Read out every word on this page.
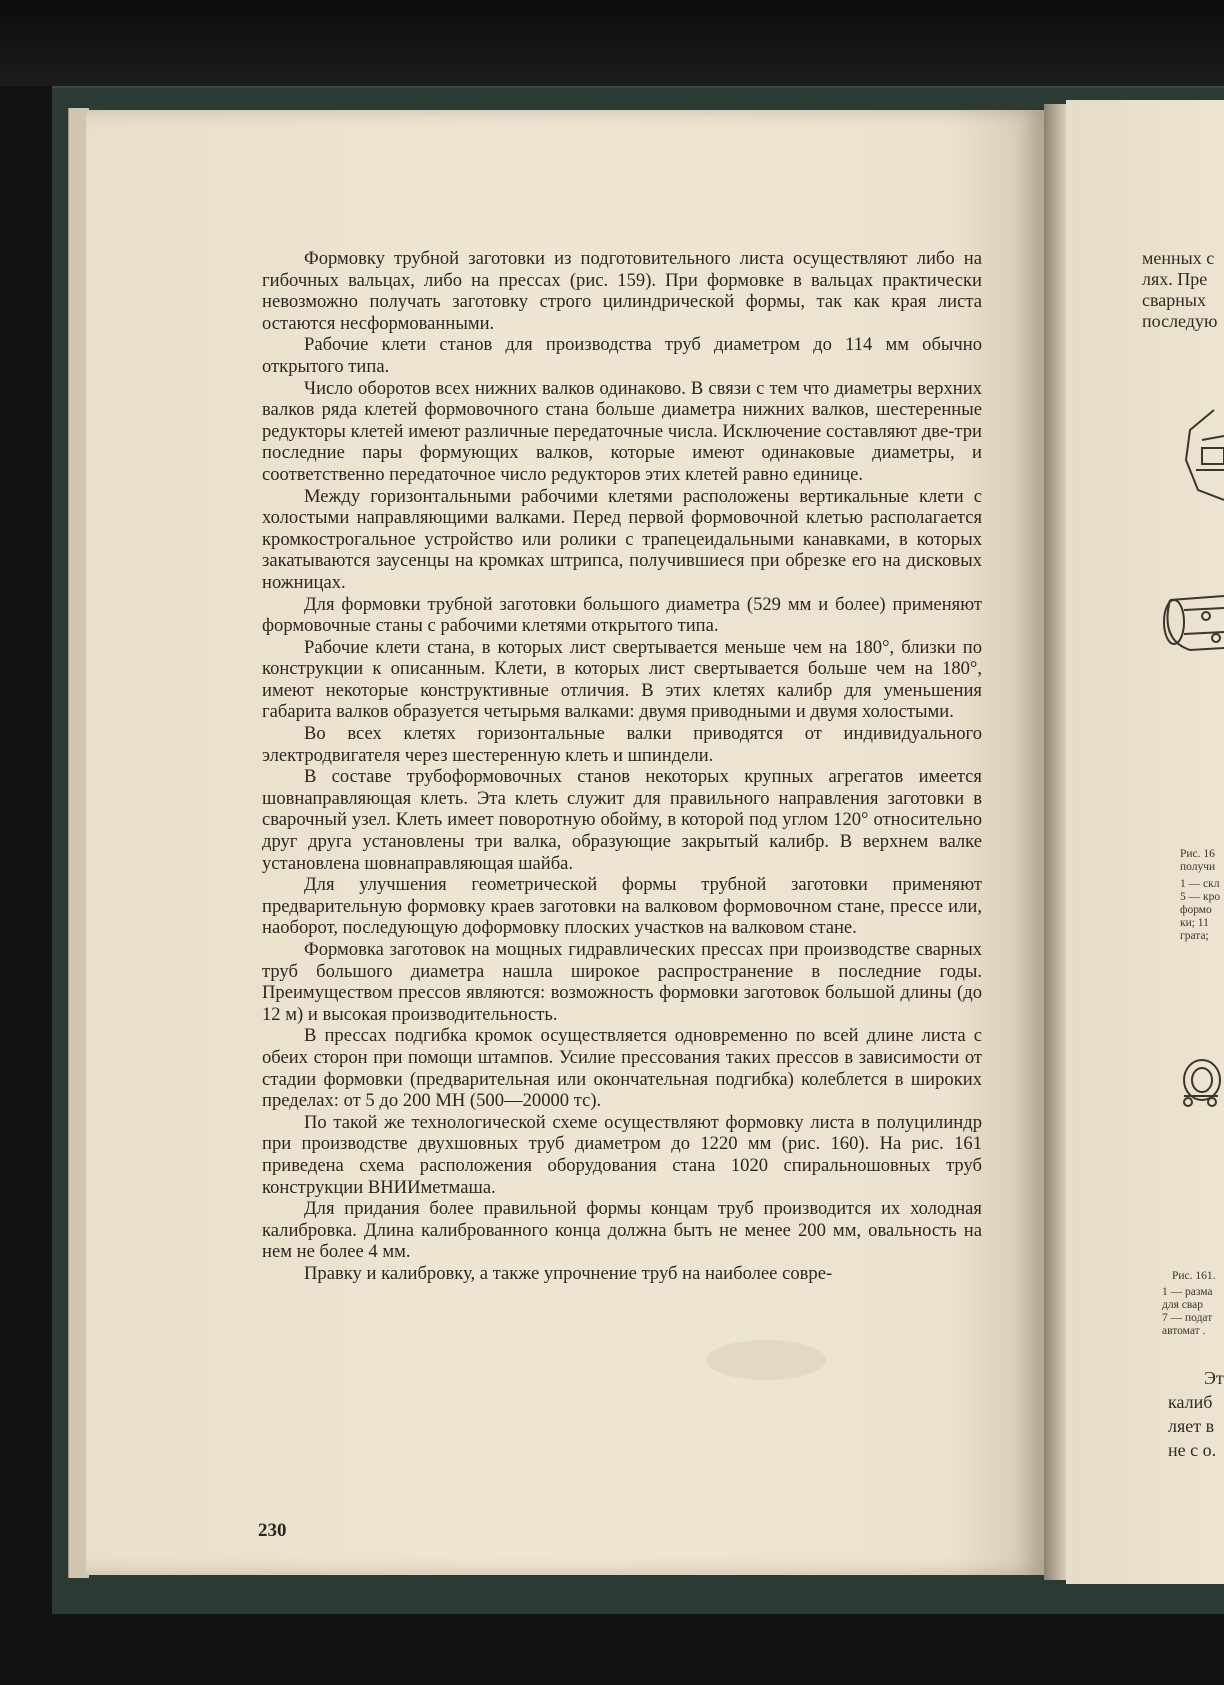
Формовку трубной заготовки из подготовительного листа осуществляют либо на гибочных вальцах, либо на прессах (рис. 159). При формовке в вальцах практически невозможно получать заготовку строго цилиндрической формы, так как края листа остаются несформованными.

Рабочие клети станов для производства труб диаметром до 114 мм обычно открытого типа.

Число оборотов всех нижних валков одинаково. В связи с тем что диаметры верхних валков ряда клетей формовочного стана больше диаметра нижних валков, шестеренные редукторы клетей имеют различные передаточные числа. Исключение составляют две-три последние пары формующих валков, которые имеют одинаковые диаметры, и соответственно передаточное число редукторов этих клетей равно единице.

Между горизонтальными рабочими клетями расположены вертикальные клети с холостыми направляющими валками. Перед первой формовочной клетью располагается кромкострогальное устройство или ролики с трапецеидальными канавками, в которых закатываются заусенцы на кромках штрипса, получившиеся при обрезке его на дисковых ножницах.

Для формовки трубной заготовки большого диаметра (529 мм и более) применяют формовочные станы с рабочими клетями открытого типа.

Рабочие клети стана, в которых лист свертывается меньше чем на 180°, близки по конструкции к описанным. Клети, в которых лист свертывается больше чем на 180°, имеют некоторые конструктивные отличия. В этих клетях калибр для уменьшения габарита валков образуется четырьмя валками: двумя приводными и двумя холостыми.

Во всех клетях горизонтальные валки приводятся от индивидуального электродвигателя через шестеренную клеть и шпиндели.

В составе трубоформовочных станов некоторых крупных агрегатов имеется шовнаправляющая клеть. Эта клеть служит для правильного направления заготовки в сварочный узел. Клеть имеет поворотную обойму, в которой под углом 120° относительно друг друга установлены три валка, образующие закрытый калибр. В верхнем валке установлена шовнаправляющая шайба.

Для улучшения геометрической формы трубной заготовки применяют предварительную формовку краев заготовки на валковом формовочном стане, прессе или, наоборот, последующую доформовку плоских участков на валковом стане.

Формовка заготовок на мощных гидравлических прессах при производстве сварных труб большого диаметра нашла широкое распространение в последние годы. Преимуществом прессов являются: возможность формовки заготовок большой длины (до 12 м) и высокая производительность.

В прессах подгибка кромок осуществляется одновременно по всей длине листа с обеих сторон при помощи штампов. Усилие прессования таких прессов в зависимости от стадии формовки (предварительная или окончательная подгибка) колеблется в широких пределах: от 5 до 200 МН (500—20000 тс).

По такой же технологической схеме осуществляют формовку листа в полуцилиндр при производстве двухшовных труб диаметром до 1220 мм (рис. 160). На рис. 161 приведена схема расположения оборудования стана 1020 спиральношовных труб конструкции ВНИИметмаша.

Для придания более правильной формы концам труб производится их холодная калибровка. Длина калиброванного конца должна быть не менее 200 мм, овальность на нем не более 4 мм.

Правку и калибровку, а также упрочнение труб на наиболее совре-

230
менных с
лях. Пре
сварных
последую
Рис. 16
получи
1 — скл
5 — кро
формо
ки; 11
грата;
Рис. 161.
1 — разма
для свар
7 — подат
автомат .
Эт
калиб
ляет в
не с о.
